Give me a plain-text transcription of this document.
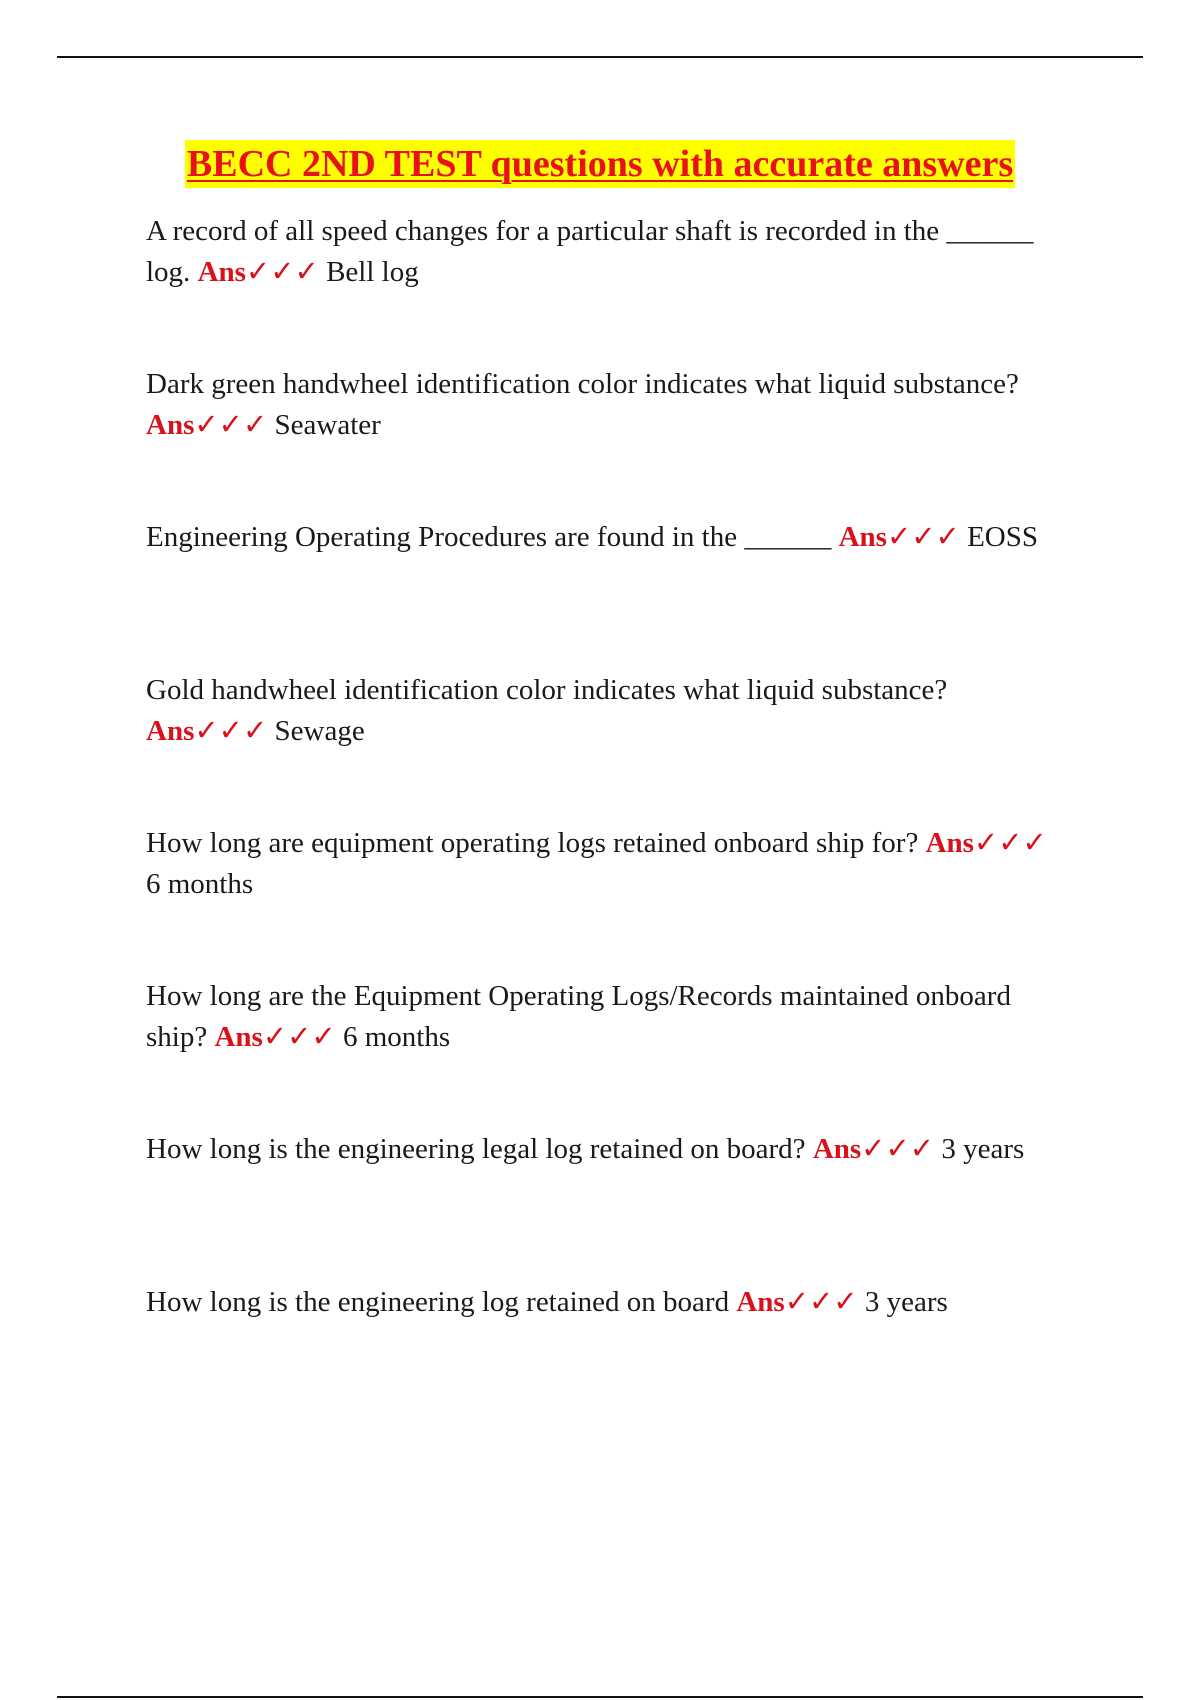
BECC 2ND TEST questions with accurate answers
A record of all speed changes for a particular shaft is recorded in the ______ log. Ans✓✓✓ Bell log
Dark green handwheel identification color indicates what liquid substance? Ans✓✓✓ Seawater
Engineering Operating Procedures are found in the ______ Ans✓✓✓ EOSS
Gold handwheel identification color indicates what liquid substance? Ans✓✓✓ Sewage
How long are equipment operating logs retained onboard ship for? Ans✓✓✓ 6 months
How long are the Equipment Operating Logs/Records maintained onboard ship? Ans✓✓✓ 6 months
How long is the engineering legal log retained on board? Ans✓✓✓ 3 years
How long is the engineering log retained on board Ans✓✓✓ 3 years
